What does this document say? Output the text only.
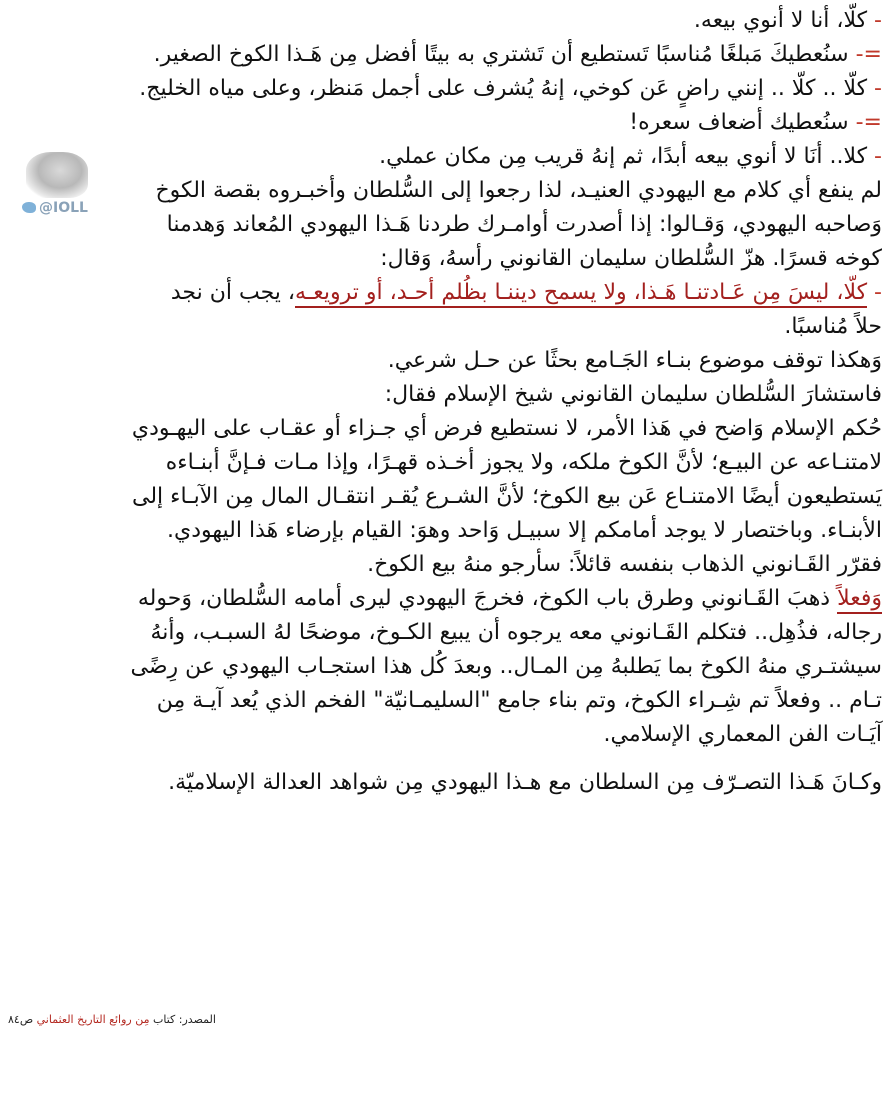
- كلّا، أنا لا أنوي بيعه.
=- سنُعطيكَ مَبلغًا مُناسبًا تَستطيع أن تَشتري به بيتًا أفضل مِن هَـذا الكوخ الصغير.
- كلّا .. كلّا .. إنني راضٍ عَن كوخي، إنهُ يُشرف على أجمل مَنظر، وعلى مياه الخليج.
=- سنُعطيك أضعاف سعره!
- كلا.. أنَا لا أنوي بيعه أبدًا، ثم إنهُ قريب مِن مكان عملي.
لم ينفع أي كلام مع اليهودي العنيـد، لذا رجعوا إلى السُّلطان وأخبـروه بقصة الكوخ
وَصاحبه اليهودي، وَقـالوا: إذا أصدرت أوامـرك طردنا هَـذا اليهودي المُعاند وَهدمنا
كوخه قسرًا. هزّ السُّلطان سليمان القانوني رأسهُ، وَقال:
- كلّا، ليسَ مِن عَـادتنـا هَـذا، ولا يسمح ديننـا بظُلم أحـد، أو ترويعـه، يجب أن نجد
حلاً مُناسبًا.
وَهكذا توقف موضوع بنـاء الجَـامع بحثًا عن حـل شرعي.
فاستشارَ السُّلطان سليمان القانوني شيخ الإسلام فقال:
حُكم الإسلام وَاضح في هَذا الأمر، لا نستطيع فرض أي جـزاء أو عقـاب على اليهـودي
لامتنـاعه عن البيـع؛ لأنَّ الكوخ ملكه، ولا يجوز أخـذه قهـرًا، وإذا مـات فـإنَّ أبنـاءه
يَستطيعون أيضًا الامتنـاع عَن بيع الكوخ؛ لأنَّ الشـرع يُقـر انتقـال المال مِن الآبـاء إلى
الأبنـاء. وباختصار لا يوجد أمامكم إلا سبيـل وَاحد وهوَ: القيام بإرضاء هَذا اليهودي.
فقرّر القَـانوني الذهاب بنفسه قائلاً: سأرجو منهُ بيع الكوخ.
وَفعلاً ذهبَ القَـانوني وطرق باب الكوخ، فخرجَ اليهودي ليرى أمامه السُّلطان، وَحوله
رجاله، فذُهِل.. فتكلم القَـانوني معه يرجوه أن يبيع الكـوخ، موضحًا لهُ السبـب، وأنهُ
سيشتـري منهُ الكوخ بما يَطلبهُ مِن المـال.. وبعدَ كُل هذا استجـاب اليهودي عن رِضًى
تـام .. وفعلاً تم شِـراء الكوخ، وتم بناء جامع "السليمـانيّة" الفخم الذي يُعد آيـة مِن
آيَـات الفن المعماري الإسلامي.
وكـانَ هَـذا التصـرّف مِن السلطان مع هـذا اليهودي مِن شواهد العدالة الإسلاميّة.
@IOLL
المصدر: كتاب مِن روائع التاريخ العثماني ص٨٤
